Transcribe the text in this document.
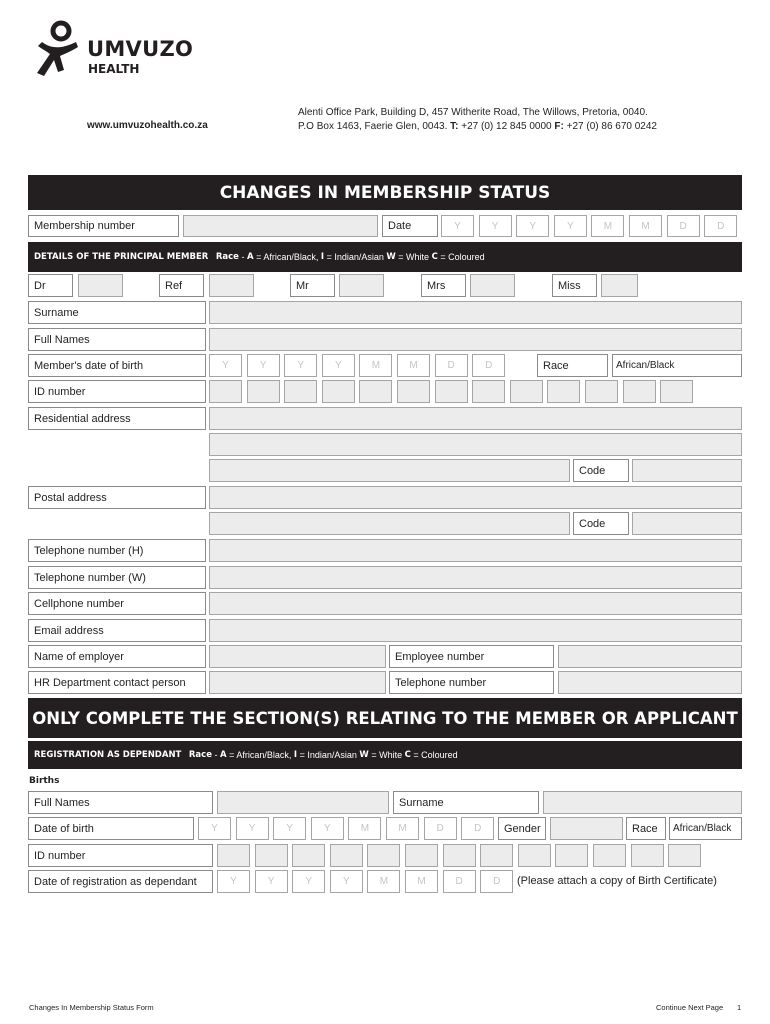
UMVUZO
HEALTH
www.umvuzohealth.co.za
Alenti Office Park, Building D, 457 Witherite Road, The Willows, Pretoria, 0040.
P.O Box 1463, Faerie Glen, 0043. T: +27 (0) 12 845 0000 F: +27 (0) 86 670 0242
CHANGES IN MEMBERSHIP STATUS
Membership number	Date	Y	Y	Y	Y	M	M	D	D
DETAILS OF THE PRINCIPAL MEMBER
Race
-
A
= African/Black,
I
= Indian/Asian
W
= White
C
= Coloured
Dr	Ref	Mr	Mrs	Miss
Surname
Full Names
Member's date of birth	Y	Y	Y	Y	M	M	D	D	Race	African/Black
ID number
Residential address
Code
Postal address
Code
Telephone number (H)
Telephone number (W)
Cellphone number
Email address
Name of employer	Employee number
HR Department contact person	Telephone number
ONLY COMPLETE THE SECTION(S) RELATING TO THE MEMBER OR APPLICANT
REGISTRATION AS DEPENDANT
Race
-
A
= African/Black,
I
= Indian/Asian
W
= White
C
= Coloured
Births
Full Names	Surname
Date of birth	Y	Y	Y	Y	M	M	D	D	Gender	Race	African/Black
ID number
Date of registration as dependant	Y	Y	Y	Y	M	M	D	D	(Please attach a copy of Birth Certificate)
Changes In Membership Status Form	Continue Next Page 1
